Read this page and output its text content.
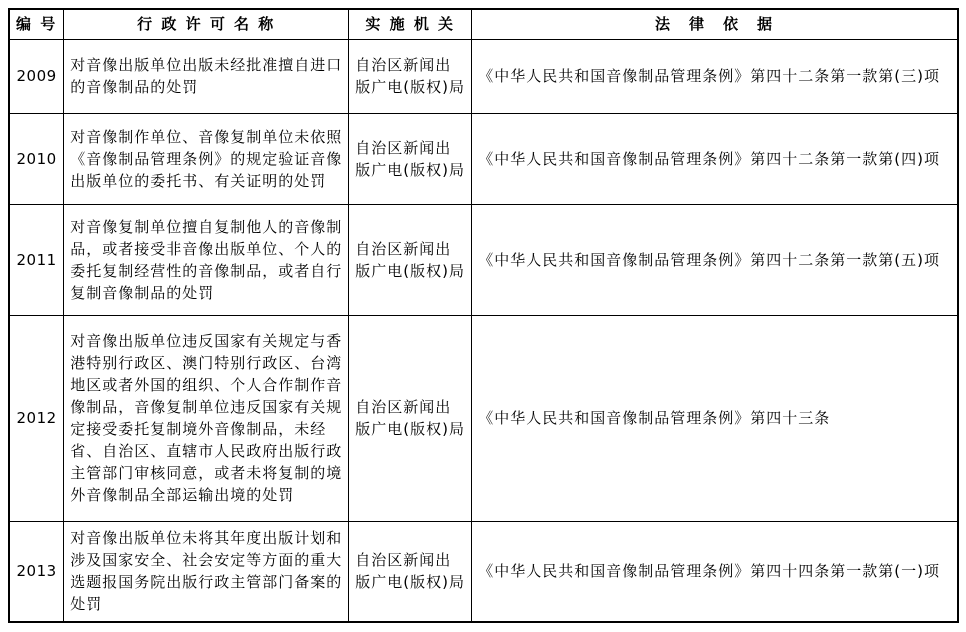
编 号	行 政 许 可 名 称	实 施 机 关	法　律　依　据
2009	对音像出版单位出版未经批准擅自进口的音像制品的处罚	自治区新闻出版广电(版权)局	《中华人民共和国音像制品管理条例》第四十二条第一款第(三)项
2010	对音像制作单位、音像复制单位未依照《音像制品管理条例》的规定验证音像出版单位的委托书、有关证明的处罚	自治区新闻出版广电(版权)局	《中华人民共和国音像制品管理条例》第四十二条第一款第(四)项
2011	对音像复制单位擅自复制他人的音像制品，或者接受非音像出版单位、个人的委托复制经营性的音像制品，或者自行复制音像制品的处罚	自治区新闻出版广电(版权)局	《中华人民共和国音像制品管理条例》第四十二条第一款第(五)项
2012	对音像出版单位违反国家有关规定与香港特别行政区、澳门特别行政区、台湾地区或者外国的组织、个人合作制作音像制品，音像复制单位违反国家有关规定接受委托复制境外音像制品，未经省、自治区、直辖市人民政府出版行政主管部门审核同意，或者未将复制的境外音像制品全部运输出境的处罚	自治区新闻出版广电(版权)局	《中华人民共和国音像制品管理条例》第四十三条
2013	对音像出版单位未将其年度出版计划和涉及国家安全、社会安定等方面的重大选题报国务院出版行政主管部门备案的处罚	自治区新闻出版广电(版权)局	《中华人民共和国音像制品管理条例》第四十四条第一款第(一)项
